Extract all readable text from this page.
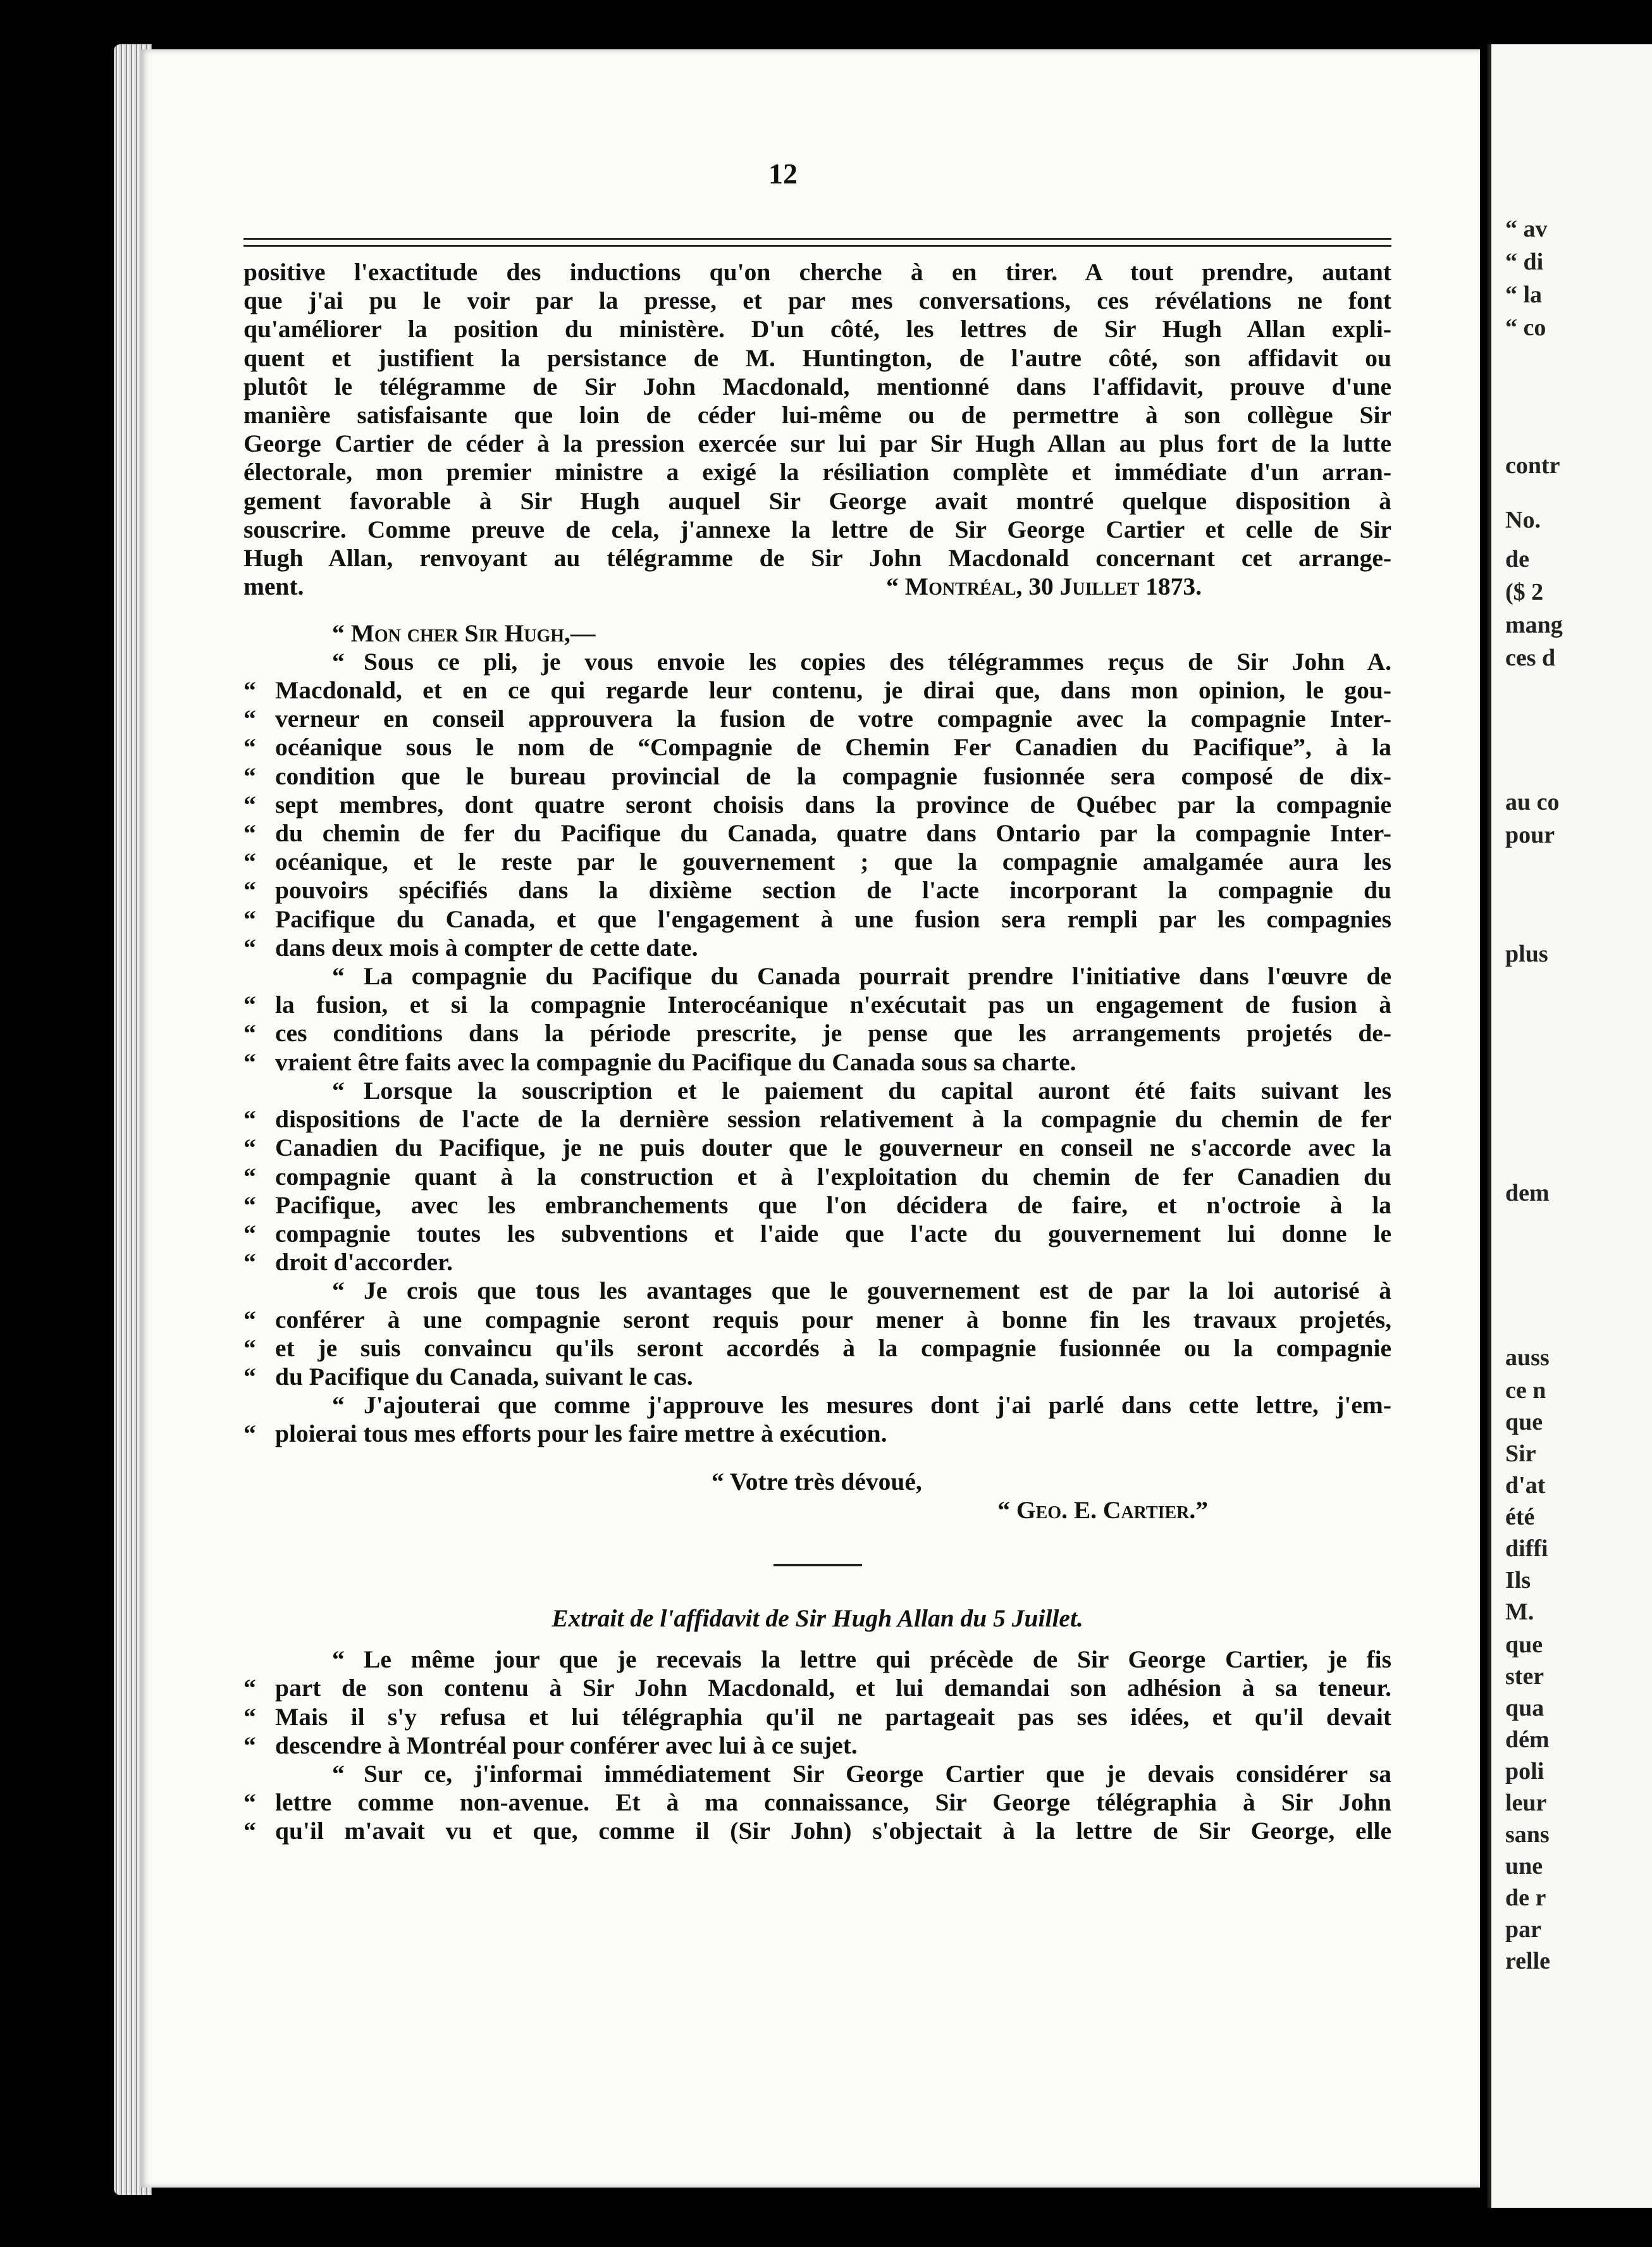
“ av
“ di
“ la
“ co
contr
No.
de
($ 2
mang
ces d
au co
pour
plus
dem
auss
ce n
que
Sir
d'at
été
diffi
Ils
M.
que
ster
qua
dém
poli
leur
sans
une
de r
par
relle
12
positive l'exactitude des inductions qu'on cherche à en tirer. A tout prendre, autant
que j'ai pu le voir par la presse, et par mes conversations, ces révélations ne font
qu'améliorer la position du ministère. D'un côté, les lettres de Sir Hugh Allan expli-
quent et justifient la persistance de M. Huntington, de l'autre côté, son affidavit ou
plutôt le télégramme de Sir John Macdonald, mentionné dans l'affidavit, prouve d'une
manière satisfaisante que loin de céder lui-même ou de permettre à son collègue Sir
George Cartier de céder à la pression exercée sur lui par Sir Hugh Allan au plus fort de la lutte
électorale, mon premier ministre a exigé la résiliation complète et immédiate d'un arran-
gement favorable à Sir Hugh auquel Sir George avait montré quelque disposition à
souscrire. Comme preuve de cela, j'annexe la lettre de Sir George Cartier et celle de Sir
Hugh Allan, renvoyant au télégramme de Sir John Macdonald concernant cet arrange-
ment.	“ Montréal, 30 Juillet 1873.
“ Mon cher Sir Hugh,—
“ Sous ce pli, je vous envoie les copies des télégrammes reçus de Sir John A.
“ Macdonald, et en ce qui regarde leur contenu, je dirai que, dans mon opinion, le gou-
“ verneur en conseil approuvera la fusion de votre compagnie avec la compagnie Inter-
“ océanique sous le nom de “Compagnie de Chemin Fer Canadien du Pacifique”, à la
“ condition que le bureau provincial de la compagnie fusionnée sera composé de dix-
“ sept membres, dont quatre seront choisis dans la province de Québec par la compagnie
“ du chemin de fer du Pacifique du Canada, quatre dans Ontario par la compagnie Inter-
“ océanique, et le reste par le gouvernement ; que la compagnie amalgamée aura les
“ pouvoirs spécifiés dans la dixième section de l'acte incorporant la compagnie du
“ Pacifique du Canada, et que l'engagement à une fusion sera rempli par les compagnies
“ dans deux mois à compter de cette date.
“ La compagnie du Pacifique du Canada pourrait prendre l'initiative dans l'œuvre de
“ la fusion, et si la compagnie Interocéanique n'exécutait pas un engagement de fusion à
“ ces conditions dans la période prescrite, je pense que les arrangements projetés de-
“ vraient être faits avec la compagnie du Pacifique du Canada sous sa charte.
“ Lorsque la souscription et le paiement du capital auront été faits suivant les
“ dispositions de l'acte de la dernière session relativement à la compagnie du chemin de fer
“ Canadien du Pacifique, je ne puis douter que le gouverneur en conseil ne s'accorde avec la
“ compagnie quant à la construction et à l'exploitation du chemin de fer Canadien du
“ Pacifique, avec les embranchements que l'on décidera de faire, et n'octroie à la
“ compagnie toutes les subventions et l'aide que l'acte du gouvernement lui donne le
“ droit d'accorder.
“ Je crois que tous les avantages que le gouvernement est de par la loi autorisé à
“ conférer à une compagnie seront requis pour mener à bonne fin les travaux projetés,
“ et je suis convaincu qu'ils seront accordés à la compagnie fusionnée ou la compagnie
“ du Pacifique du Canada, suivant le cas.
“ J'ajouterai que comme j'approuve les mesures dont j'ai parlé dans cette lettre, j'em-
“ ploierai tous mes efforts pour les faire mettre à exécution.
“ Votre très dévoué,
“ Geo. E. Cartier.”
Extrait de l'affidavit de Sir Hugh Allan du 5 Juillet.
“ Le même jour que je recevais la lettre qui précède de Sir George Cartier, je fis
“ part de son contenu à Sir John Macdonald, et lui demandai son adhésion à sa teneur.
“ Mais il s'y refusa et lui télégraphia qu'il ne partageait pas ses idées, et qu'il devait
“ descendre à Montréal pour conférer avec lui à ce sujet.
“ Sur ce, j'informai immédiatement Sir George Cartier que je devais considérer sa
“ lettre comme non-avenue. Et à ma connaissance, Sir George télégraphia à Sir John
“ qu'il m'avait vu et que, comme il (Sir John) s'objectait à la lettre de Sir George, elle
